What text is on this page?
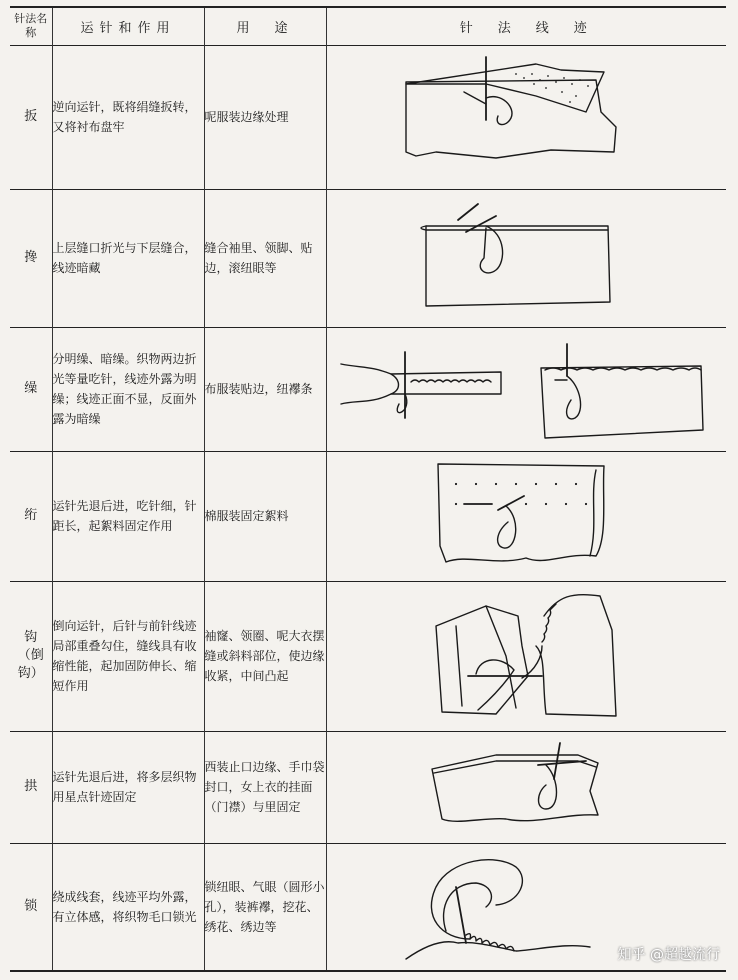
针法名称	运针和作用	用　途	针　法　线　迹
扳	逆向运针，既将绢缝扳转，又将衬布盘牢	呢服装边缘处理	

搀	上层缝口折光与下层缝合，线迹暗藏	缝合袖里、领脚、贴边，滚纽眼等	

缲	分明缲、暗缲。织物两边折光等量吃针，线迹外露为明缲；线迹正面不显，反面外露为暗缲	布服装贴边，纽襻条	

绗	运针先退后进，吃针细，针距长，起絮料固定作用	棉服装固定絮料	

钩
（倒钩）	倒向运针，后针与前针线迹局部重叠勾住，缝线具有收缩性能，起加固防伸长、缩短作用	袖窿、领圈、呢大衣摆缝或斜料部位，使边缘收紧，中间凸起	

拱	运针先退后进，将多层织物用星点针迹固定	西装止口边缘、手巾袋封口，女上衣的挂面（门襟）与里固定	

锁	绕成线套，线迹平均外露，有立体感，将织物毛口锁光	锁纽眼、气眼（圆形小孔），装裤襻，挖花、绣花、绣边等	
知乎 @超越流行
